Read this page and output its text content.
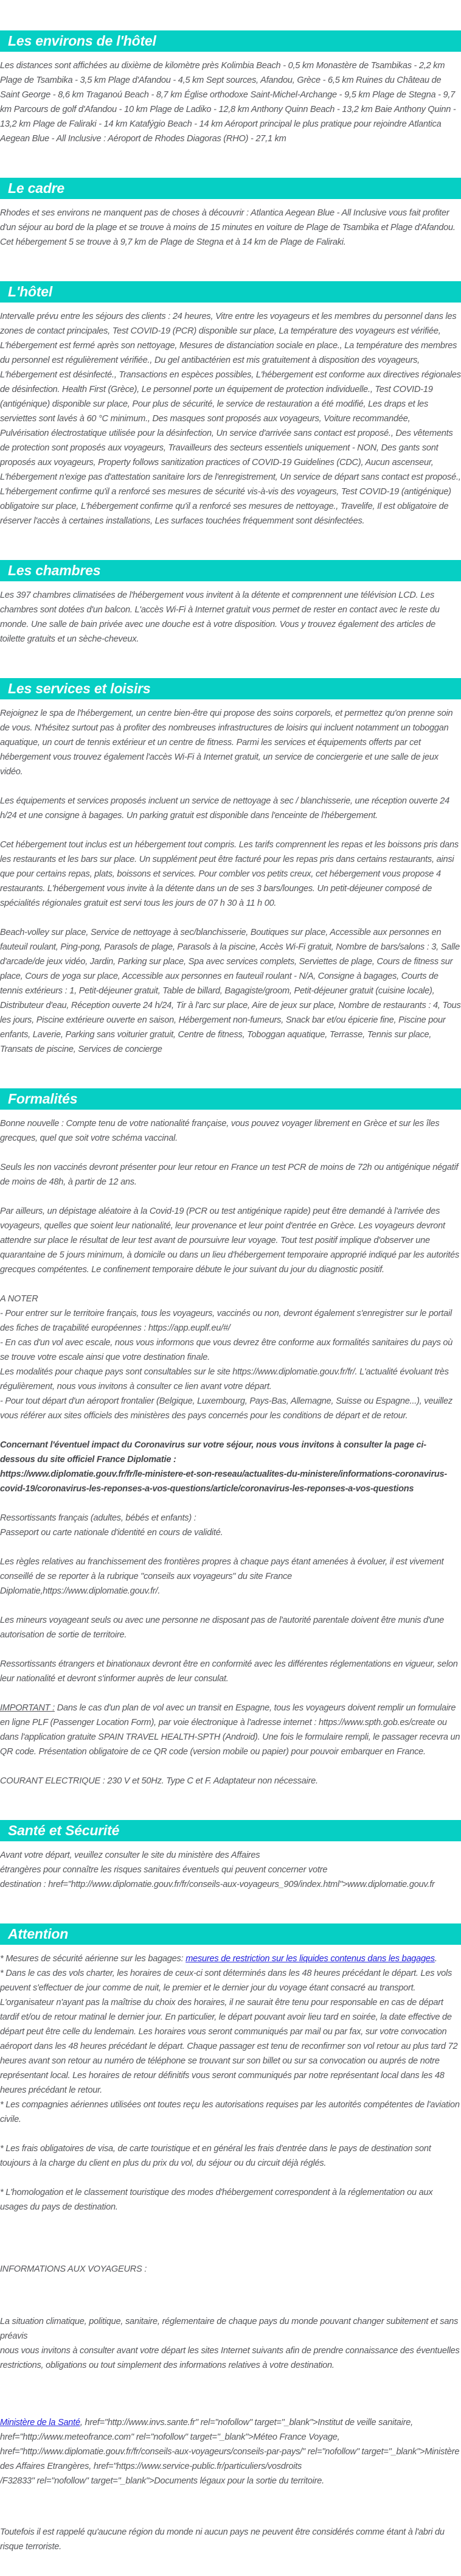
Les environs de l'hôtel

Les distances sont affichées au dixième de kilomètre près Kolimbia Beach - 0,5 km Monastère de Tsambikas - 2,2 km Plage de Tsambika - 3,5 km Plage d'Afandou - 4,5 km Sept sources, Afandou, Grèce - 6,5 km Ruines du Château de Saint George - 8,6 km Traganoú Beach - 8,7 km Église orthodoxe Saint-Michel-Archange - 9,5 km Plage de Stegna - 9,7 km Parcours de golf d'Afandou - 10 km Plage de Ladiko - 12,8 km Anthony Quinn Beach - 13,2 km Baie Anthony Quinn - 13,2 km Plage de Faliraki - 14 km Katafýgio Beach - 14 km Aéroport principal le plus pratique pour rejoindre Atlantica Aegean Blue - All Inclusive : Aéroport de Rhodes Diagoras (RHO) - 27,1 km

Le cadre

Rhodes et ses environs ne manquent pas de choses à découvrir : Atlantica Aegean Blue - All Inclusive vous fait profiter d'un séjour au bord de la plage et se trouve à moins de 15 minutes en voiture de Plage de Tsambika et Plage d'Afandou. Cet hébergement 5 se trouve à 9,7 km de Plage de Stegna et à 14 km de Plage de Faliraki.

L'hôtel

Intervalle prévu entre les séjours des clients : 24 heures, Vitre entre les voyageurs et les membres du personnel dans les zones de contact principales, Test COVID-19 (PCR) disponible sur place, La température des voyageurs est vérifiée, L'hébergement est fermé après son nettoyage, Mesures de distanciation sociale en place., La température des membres du personnel est régulièrement vérifiée., Du gel antibactérien est mis gratuitement à disposition des voyageurs, L'hébergement est désinfecté., Transactions en espèces possibles, L'hébergement est conforme aux directives régionales de désinfection. Health First (Grèce), Le personnel porte un équipement de protection individuelle., Test COVID-19 (antigénique) disponible sur place, Pour plus de sécurité, le service de restauration a été modifié, Les draps et les serviettes sont lavés à 60 °C minimum., Des masques sont proposés aux voyageurs, Voiture recommandée, Pulvérisation électrostatique utilisée pour la désinfection, Un service d'arrivée sans contact est proposé., Des vêtements de protection sont proposés aux voyageurs, Travailleurs des secteurs essentiels uniquement - NON, Des gants sont proposés aux voyageurs, Property follows sanitization practices of COVID-19 Guidelines (CDC), Aucun ascenseur, L'hébergement n'exige pas d'attestation sanitaire lors de l'enregistrement, Un service de départ sans contact est proposé., L'hébergement confirme qu'il a renforcé ses mesures de sécurité vis-à-vis des voyageurs, Test COVID-19 (antigénique) obligatoire sur place, L'hébergement confirme qu'il a renforcé ses mesures de nettoyage., Travelife, Il est obligatoire de réserver l'accès à certaines installations, Les surfaces touchées fréquemment sont désinfectées.

Les chambres

Les 397 chambres climatisées de l'hébergement vous invitent à la détente et comprennent une télévision LCD. Les chambres sont dotées d'un balcon. L'accès Wi-Fi à Internet gratuit vous permet de rester en contact avec le reste du monde. Une salle de bain privée avec une douche est à votre disposition. Vous y trouvez également des articles de toilette gratuits et un sèche-cheveux.

Les services et loisirs

Rejoignez le spa de l'hébergement, un centre bien-être qui propose des soins corporels, et permettez qu'on prenne soin de vous. N'hésitez surtout pas à profiter des nombreuses infrastructures de loisirs qui incluent notamment un toboggan aquatique, un court de tennis extérieur et un centre de fitness. Parmi les services et équipements offerts par cet hébergement vous trouvez également l'accès Wi-Fi à Internet gratuit, un service de conciergerie et une salle de jeux vidéo.

Les équipements et services proposés incluent un service de nettoyage à sec / blanchisserie, une réception ouverte 24 h/24 et une consigne à bagages. Un parking gratuit est disponible dans l'enceinte de l'hébergement.

Cet hébergement tout inclus est un hébergement tout compris. Les tarifs comprennent les repas et les boissons pris dans les restaurants et les bars sur place. Un supplément peut être facturé pour les repas pris dans certains restaurants, ainsi que pour certains repas, plats, boissons et services. Pour combler vos petits creux, cet hébergement vous propose 4 restaurants. L'hébergement vous invite à la détente dans un de ses 3 bars/lounges. Un petit-déjeuner composé de spécialités régionales gratuit est servi tous les jours de 07 h 30 à 11 h 00.

Beach-volley sur place, Service de nettoyage à sec/blanchisserie, Boutiques sur place, Accessible aux personnes en fauteuil roulant, Ping-pong, Parasols de plage, Parasols à la piscine, Accès Wi-Fi gratuit, Nombre de bars/salons : 3, Salle d'arcade/de jeux vidéo, Jardin, Parking sur place, Spa avec services complets, Serviettes de plage, Cours de fitness sur place, Cours de yoga sur place, Accessible aux personnes en fauteuil roulant - N/A, Consigne à bagages, Courts de tennis extérieurs : 1, Petit-déjeuner gratuit, Table de billard, Bagagiste/groom, Petit-déjeuner gratuit (cuisine locale), Distributeur d'eau, Réception ouverte 24 h/24, Tir à l'arc sur place, Aire de jeux sur place, Nombre de restaurants : 4, Tous les jours, Piscine extérieure ouverte en saison, Hébergement non-fumeurs, Snack bar et/ou épicerie fine, Piscine pour enfants, Laverie, Parking sans voiturier gratuit, Centre de fitness, Toboggan aquatique, Terrasse, Tennis sur place, Transats de piscine, Services de concierge

Formalités

Bonne nouvelle : Compte tenu de votre nationalité française, vous pouvez voyager librement en Grèce et sur les îles grecques, quel que soit votre schéma vaccinal.

Seuls les non vaccinés devront présenter pour leur retour en France un test PCR de moins de 72h ou antigénique négatif de moins de 48h, à partir de 12 ans.

Par ailleurs, un dépistage aléatoire à la Covid-19 (PCR ou test antigénique rapide) peut être demandé à l'arrivée des voyageurs, quelles que soient leur nationalité, leur provenance et leur point d'entrée en Grèce. Les voyageurs devront attendre sur place le résultat de leur test avant de poursuivre leur voyage. Tout test positif implique d'observer une quarantaine de 5 jours minimum, à domicile ou dans un lieu d'hébergement temporaire approprié indiqué par les autorités grecques compétentes. Le confinement temporaire débute le jour suivant du jour du diagnostic positif.

A NOTER
- Pour entrer sur le territoire français, tous les voyageurs, vaccinés ou non, devront également s'enregistrer sur le portail des fiches de traçabilité européennes : https://app.euplf.eu/#/
- En cas d'un vol avec escale, nous vous informons que vous devrez être conforme aux formalités sanitaires du pays où se trouve votre escale ainsi que votre destination finale.
Les modalités pour chaque pays sont consultables sur le site https://www.diplomatie.gouv.fr/fr/. L'actualité évoluant très régulièrement, nous vous invitons à consulter ce lien avant votre départ.
- Pour tout départ d'un aéroport frontalier (Belgique, Luxembourg, Pays-Bas, Allemagne, Suisse ou Espagne...), veuillez vous référer aux sites officiels des ministères des pays concernés pour les conditions de départ et de retour.

Concernant l'éventuel impact du Coronavirus sur votre séjour, nous vous invitons à consulter la page ci-dessous du site officiel France Diplomatie :
https://www.diplomatie.gouv.fr/fr/le-ministere-et-son-reseau/actualites-du-ministere/informations-coronavirus-covid-19/coronavirus-les-reponses-a-vos-questions/article/coronavirus-les-reponses-a-vos-questions

Ressortissants français (adultes, bébés et enfants) :
Passeport ou carte nationale d'identité en cours de validité.

Les règles relatives au franchissement des frontières propres à chaque pays étant amenées à évoluer, il est vivement conseillé de se reporter à la rubrique "conseils aux voyageurs" du site France
Diplomatie,https://www.diplomatie.gouv.fr/.

Les mineurs voyageant seuls ou avec une personne ne disposant pas de l'autorité parentale doivent être munis d'une autorisation de sortie de territoire.

Ressortissants étrangers et binationaux devront être en conformité avec les différentes réglementations en vigueur, selon leur nationalité et devront s'informer auprès de leur consulat.

IMPORTANT : Dans le cas d'un plan de vol avec un transit en Espagne, tous les voyageurs doivent remplir un formulaire en ligne PLF (Passenger Location Form), par voie électronique à l'adresse internet : https://www.spth.gob.es/create ou dans l'application gratuite SPAIN TRAVEL HEALTH-SPTH (Android). Une fois le formulaire rempli, le passager recevra un QR code. Présentation obligatoire de ce QR code (version mobile ou papier) pour pouvoir embarquer en France.

COURANT ELECTRIQUE : 230 V et 50Hz. Type C et F. Adaptateur non nécessaire.

Santé et Sécurité

Avant votre départ, veuillez consulter le site du ministère des Affaires
étrangères pour connaître les risques sanitaires éventuels qui peuvent concerner votre
destination : href="http://www.diplomatie.gouv.fr/fr/conseils-aux-voyageurs_909/index.html">www.diplomatie.gouv.fr

Attention

* Mesures de sécurité aérienne sur les bagages: mesures de restriction sur les liquides contenus dans les bagages.
* Dans le cas des vols charter, les horaires de ceux-ci sont déterminés dans les 48 heures précédant le départ. Les vols peuvent s'effectuer de jour comme de nuit, le premier et le dernier jour du voyage étant consacré au transport. L'organisateur n'ayant pas la maîtrise du choix des horaires, il ne saurait être tenu pour responsable en cas de départ tardif et/ou de retour matinal le dernier jour. En particulier, le départ pouvant avoir lieu tard en soirée, la date effective de départ peut être celle du lendemain. Les horaires vous seront communiqués par mail ou par fax, sur votre convocation aéroport dans les 48 heures précédant le départ. Chaque passager est tenu de reconfirmer son vol retour au plus tard 72 heures avant son retour au numéro de téléphone se trouvant sur son billet ou sur sa convocation ou auprés de notre représentant local. Les horaires de retour définitifs vous seront communiqués par notre représentant local dans les 48 heures précédant le retour.
* Les compagnies aériennes utilisées ont toutes reçu les autorisations requises par les autorités compétentes de l'aviation civile.

* Les frais obligatoires de visa, de carte touristique et en général les frais d'entrée dans le pays de destination sont toujours à la charge du client en plus du prix du vol, du séjour ou du circuit déjà réglés.

* L'homologation et le classement touristique des modes d'hébergement correspondent à la réglementation ou aux usages du pays de destination.

INFORMATIONS AUX VOYAGEURS :

La situation climatique, politique, sanitaire, réglementaire de chaque pays du monde pouvant changer subitement et sans préavis
nous vous invitons à consulter avant votre départ les sites Internet suivants afin de prendre connaissance des éventuelles restrictions, obligations ou tout simplement des informations relatives à votre destination.

Ministère de la Santé, href="http://www.invs.sante.fr" rel="nofollow" target="_blank">Institut de veille sanitaire,
href="http://www.meteofrance.com" rel="nofollow" target="_blank">Méteo France Voyage,
href="http://www.diplomatie.gouv.fr/fr/conseils-aux-voyageurs/conseils-par-pays/" rel="nofollow" target="_blank">Ministère des Affaires Etrangères, href="https://www.service-public.fr/particuliers/vosdroits
/F32833" rel="nofollow" target="_blank">Documents légaux pour la sortie du territoire.

Toutefois il est rappelé qu'aucune région du monde ni aucun pays ne peuvent être considérés comme étant à l'abri du risque terroriste.
